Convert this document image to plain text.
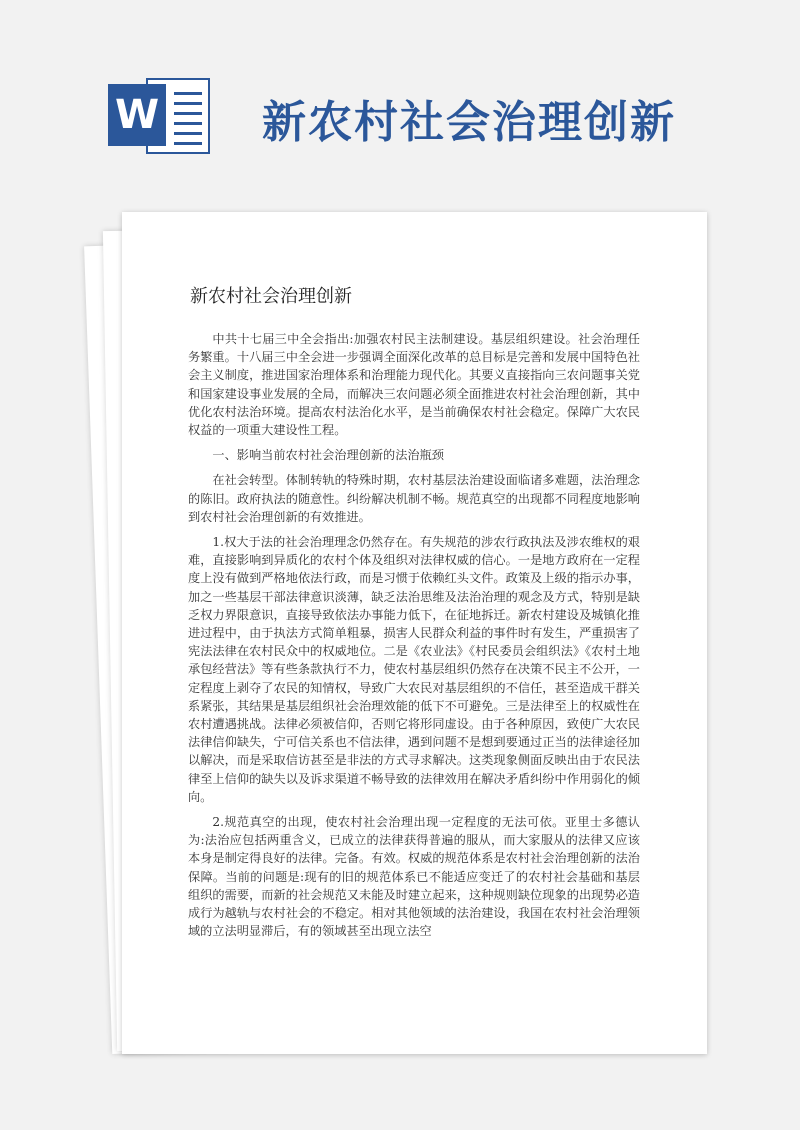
W 新农村社会治理创新
新农村社会治理创新

中共十七届三中全会指出:加强农村民主法制建设。基层组织建设。社会治理任务繁重。十八届三中全会进一步强调全面深化改革的总目标是完善和发展中国特色社会主义制度，推进国家治理体系和治理能力现代化。其要义直接指向三农问题事关党和国家建设事业发展的全局，而解决三农问题必须全面推进农村社会治理创新，其中优化农村法治环境。提高农村法治化水平，是当前确保农村社会稳定。保障广大农民权益的一项重大建设性工程。

一、影响当前农村社会治理创新的法治瓶颈

在社会转型。体制转轨的特殊时期，农村基层法治建设面临诸多难题，法治理念的陈旧。政府执法的随意性。纠纷解决机制不畅。规范真空的出现都不同程度地影响到农村社会治理创新的有效推进。

1.权大于法的社会治理理念仍然存在。有失规范的涉农行政执法及涉农维权的艰难，直接影响到异质化的农村个体及组织对法律权威的信心。一是地方政府在一定程度上没有做到严格地依法行政，而是习惯于依赖红头文件。政策及上级的指示办事，加之一些基层干部法律意识淡薄，缺乏法治思维及法治治理的观念及方式，特别是缺乏权力界限意识，直接导致依法办事能力低下，在征地拆迁。新农村建设及城镇化推进过程中，由于执法方式简单粗暴，损害人民群众利益的事件时有发生，严重损害了宪法法律在农村民众中的权威地位。二是《农业法》《村民委员会组织法》《农村土地承包经营法》等有些条款执行不力，使农村基层组织仍然存在决策不民主不公开，一定程度上剥夺了农民的知情权，导致广大农民对基层组织的不信任，甚至造成干群关系紧张，其结果是基层组织社会治理效能的低下不可避免。三是法律至上的权威性在农村遭遇挑战。法律必须被信仰，否则它将形同虚设。由于各种原因，致使广大农民法律信仰缺失，宁可信关系也不信法律，遇到问题不是想到要通过正当的法律途径加以解决，而是采取信访甚至是非法的方式寻求解决。这类现象侧面反映出由于农民法律至上信仰的缺失以及诉求渠道不畅导致的法律效用在解决矛盾纠纷中作用弱化的倾向。

2.规范真空的出现，使农村社会治理出现一定程度的无法可依。亚里士多德认为:法治应包括两重含义，已成立的法律获得普遍的服从，而大家服从的法律又应该本身是制定得良好的法律。完备。有效。权威的规范体系是农村社会治理创新的法治保障。当前的问题是:现有的旧的规范体系已不能适应变迁了的农村社会基础和基层组织的需要，而新的社会规范又未能及时建立起来，这种规则缺位现象的出现势必造成行为越轨与农村社会的不稳定。相对其他领域的法治建设，我国在农村社会治理领域的立法明显滞后，有的领域甚至出现立法空
